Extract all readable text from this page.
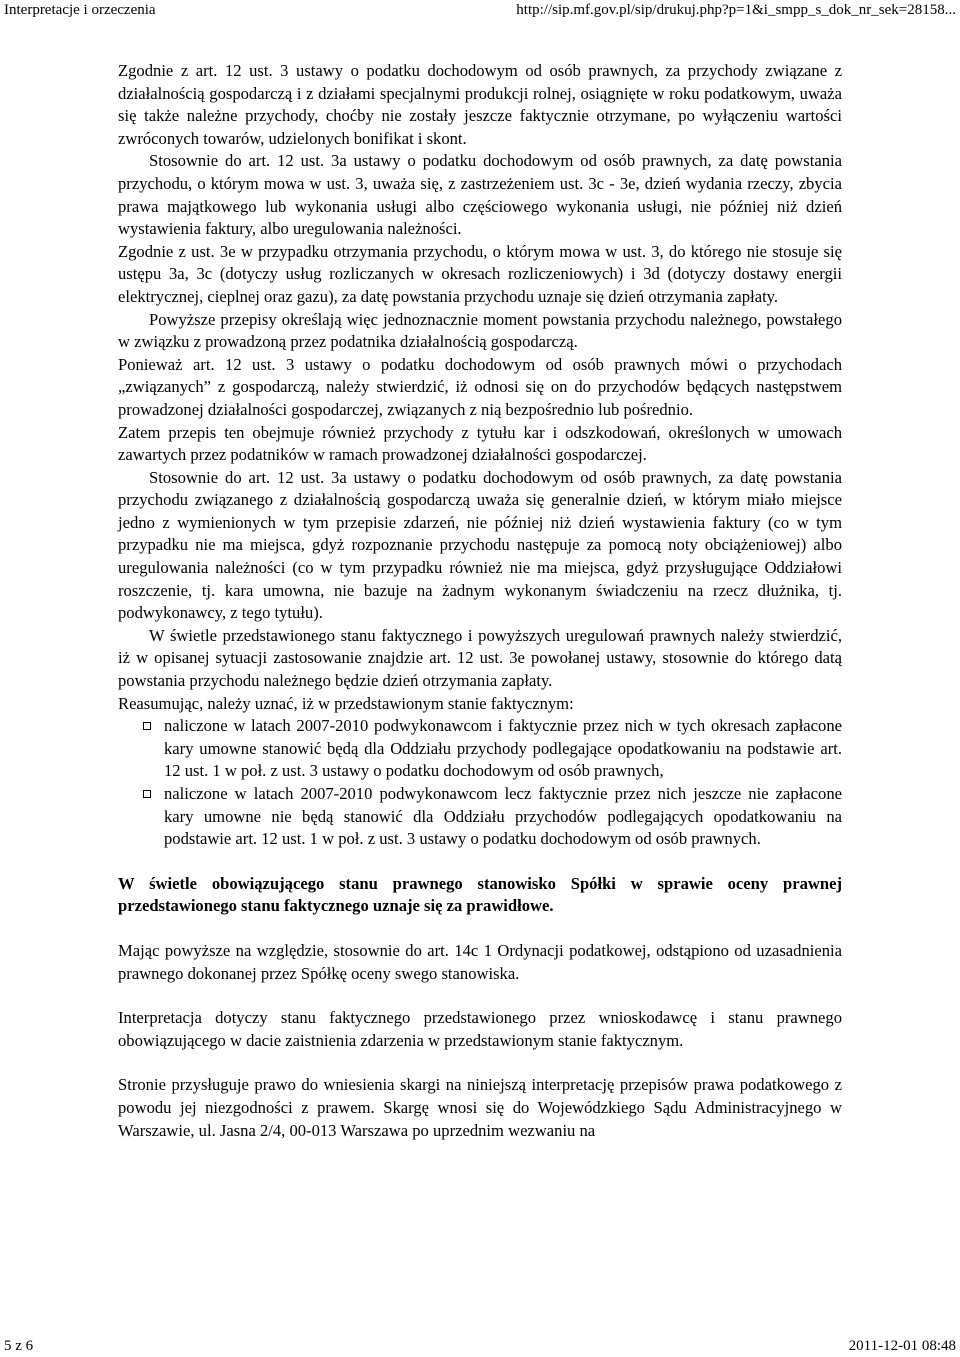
Interpretacje i orzeczenia	http://sip.mf.gov.pl/sip/drukuj.php?p=1&i_smpp_s_dok_nr_sek=28158...

Zgodnie z art. 12 ust. 3 ustawy o podatku dochodowym od osób prawnych, za przychody związane z działalnością gospodarczą i z działami specjalnymi produkcji rolnej, osiągnięte w roku podatkowym, uważa się także należne przychody, choćby nie zostały jeszcze faktycznie otrzymane, po wyłączeniu wartości zwróconych towarów, udzielonych bonifikat i skont.

Stosownie do art. 12 ust. 3a ustawy o podatku dochodowym od osób prawnych, za datę powstania przychodu, o którym mowa w ust. 3, uważa się, z zastrzeżeniem ust. 3c - 3e, dzień wydania rzeczy, zbycia prawa majątkowego lub wykonania usługi albo częściowego wykonania usługi, nie później niż dzień wystawienia faktury, albo uregulowania należności.

Zgodnie z ust. 3e w przypadku otrzymania przychodu, o którym mowa w ust. 3, do którego nie stosuje się ustępu 3a, 3c (dotyczy usług rozliczanych w okresach rozliczeniowych) i 3d (dotyczy dostawy energii elektrycznej, cieplnej oraz gazu), za datę powstania przychodu uznaje się dzień otrzymania zapłaty.

Powyższe przepisy określają więc jednoznacznie moment powstania przychodu należnego, powstałego w związku z prowadzoną przez podatnika działalnością gospodarczą.

Ponieważ art. 12 ust. 3 ustawy o podatku dochodowym od osób prawnych mówi o przychodach „związanych” z gospodarczą, należy stwierdzić, iż odnosi się on do przychodów będących następstwem prowadzonej działalności gospodarczej, związanych z nią bezpośrednio lub pośrednio.

Zatem przepis ten obejmuje również przychody z tytułu kar i odszkodowań, określonych w umowach zawartych przez podatników w ramach prowadzonej działalności gospodarczej.

Stosownie do art. 12 ust. 3a ustawy o podatku dochodowym od osób prawnych, za datę powstania przychodu związanego z działalnością gospodarczą uważa się generalnie dzień, w którym miało miejsce jedno z wymienionych w tym przepisie zdarzeń, nie później niż dzień wystawienia faktury (co w tym przypadku nie ma miejsca, gdyż rozpoznanie przychodu następuje za pomocą noty obciążeniowej) albo uregulowania należności (co w tym przypadku również nie ma miejsca, gdyż przysługujące Oddziałowi roszczenie, tj. kara umowna, nie bazuje na żadnym wykonanym świadczeniu na rzecz dłużnika, tj. podwykonawcy, z tego tytułu).

W świetle przedstawionego stanu faktycznego i powyższych uregulowań prawnych należy stwierdzić, iż w opisanej sytuacji zastosowanie znajdzie art. 12 ust. 3e powołanej ustawy, stosownie do którego datą powstania przychodu należnego będzie dzień otrzymania zapłaty.

Reasumując, należy uznać, iż w przedstawionym stanie faktycznym:

naliczone w latach 2007-2010 podwykonawcom i faktycznie przez nich w tych okresach zapłacone kary umowne stanowić będą dla Oddziału przychody podlegające opodatkowaniu na podstawie art. 12 ust. 1 w poł. z ust. 3 ustawy o podatku dochodowym od osób prawnych,
naliczone w latach 2007-2010 podwykonawcom lecz faktycznie przez nich jeszcze nie zapłacone kary umowne nie będą stanowić dla Oddziału przychodów podlegających opodatkowaniu na podstawie art. 12 ust. 1 w poł. z ust. 3 ustawy o podatku dochodowym od osób prawnych.

W świetle obowiązującego stanu prawnego stanowisko Spółki w sprawie oceny prawnej przedstawionego stanu faktycznego uznaje się za prawidłowe.

Mając powyższe na względzie, stosownie do art. 14c 1 Ordynacji podatkowej, odstąpiono od uzasadnienia prawnego dokonanej przez Spółkę oceny swego stanowiska.

Interpretacja dotyczy stanu faktycznego przedstawionego przez wnioskodawcę i stanu prawnego obowiązującego w dacie zaistnienia zdarzenia w przedstawionym stanie faktycznym.

Stronie przysługuje prawo do wniesienia skargi na niniejszą interpretację przepisów prawa podatkowego z powodu jej niezgodności z prawem. Skargę wnosi się do Wojewódzkiego Sądu Administracyjnego w Warszawie, ul. Jasna 2/4, 00-013 Warszawa po uprzednim wezwaniu na

5 z 6	2011-12-01 08:48
